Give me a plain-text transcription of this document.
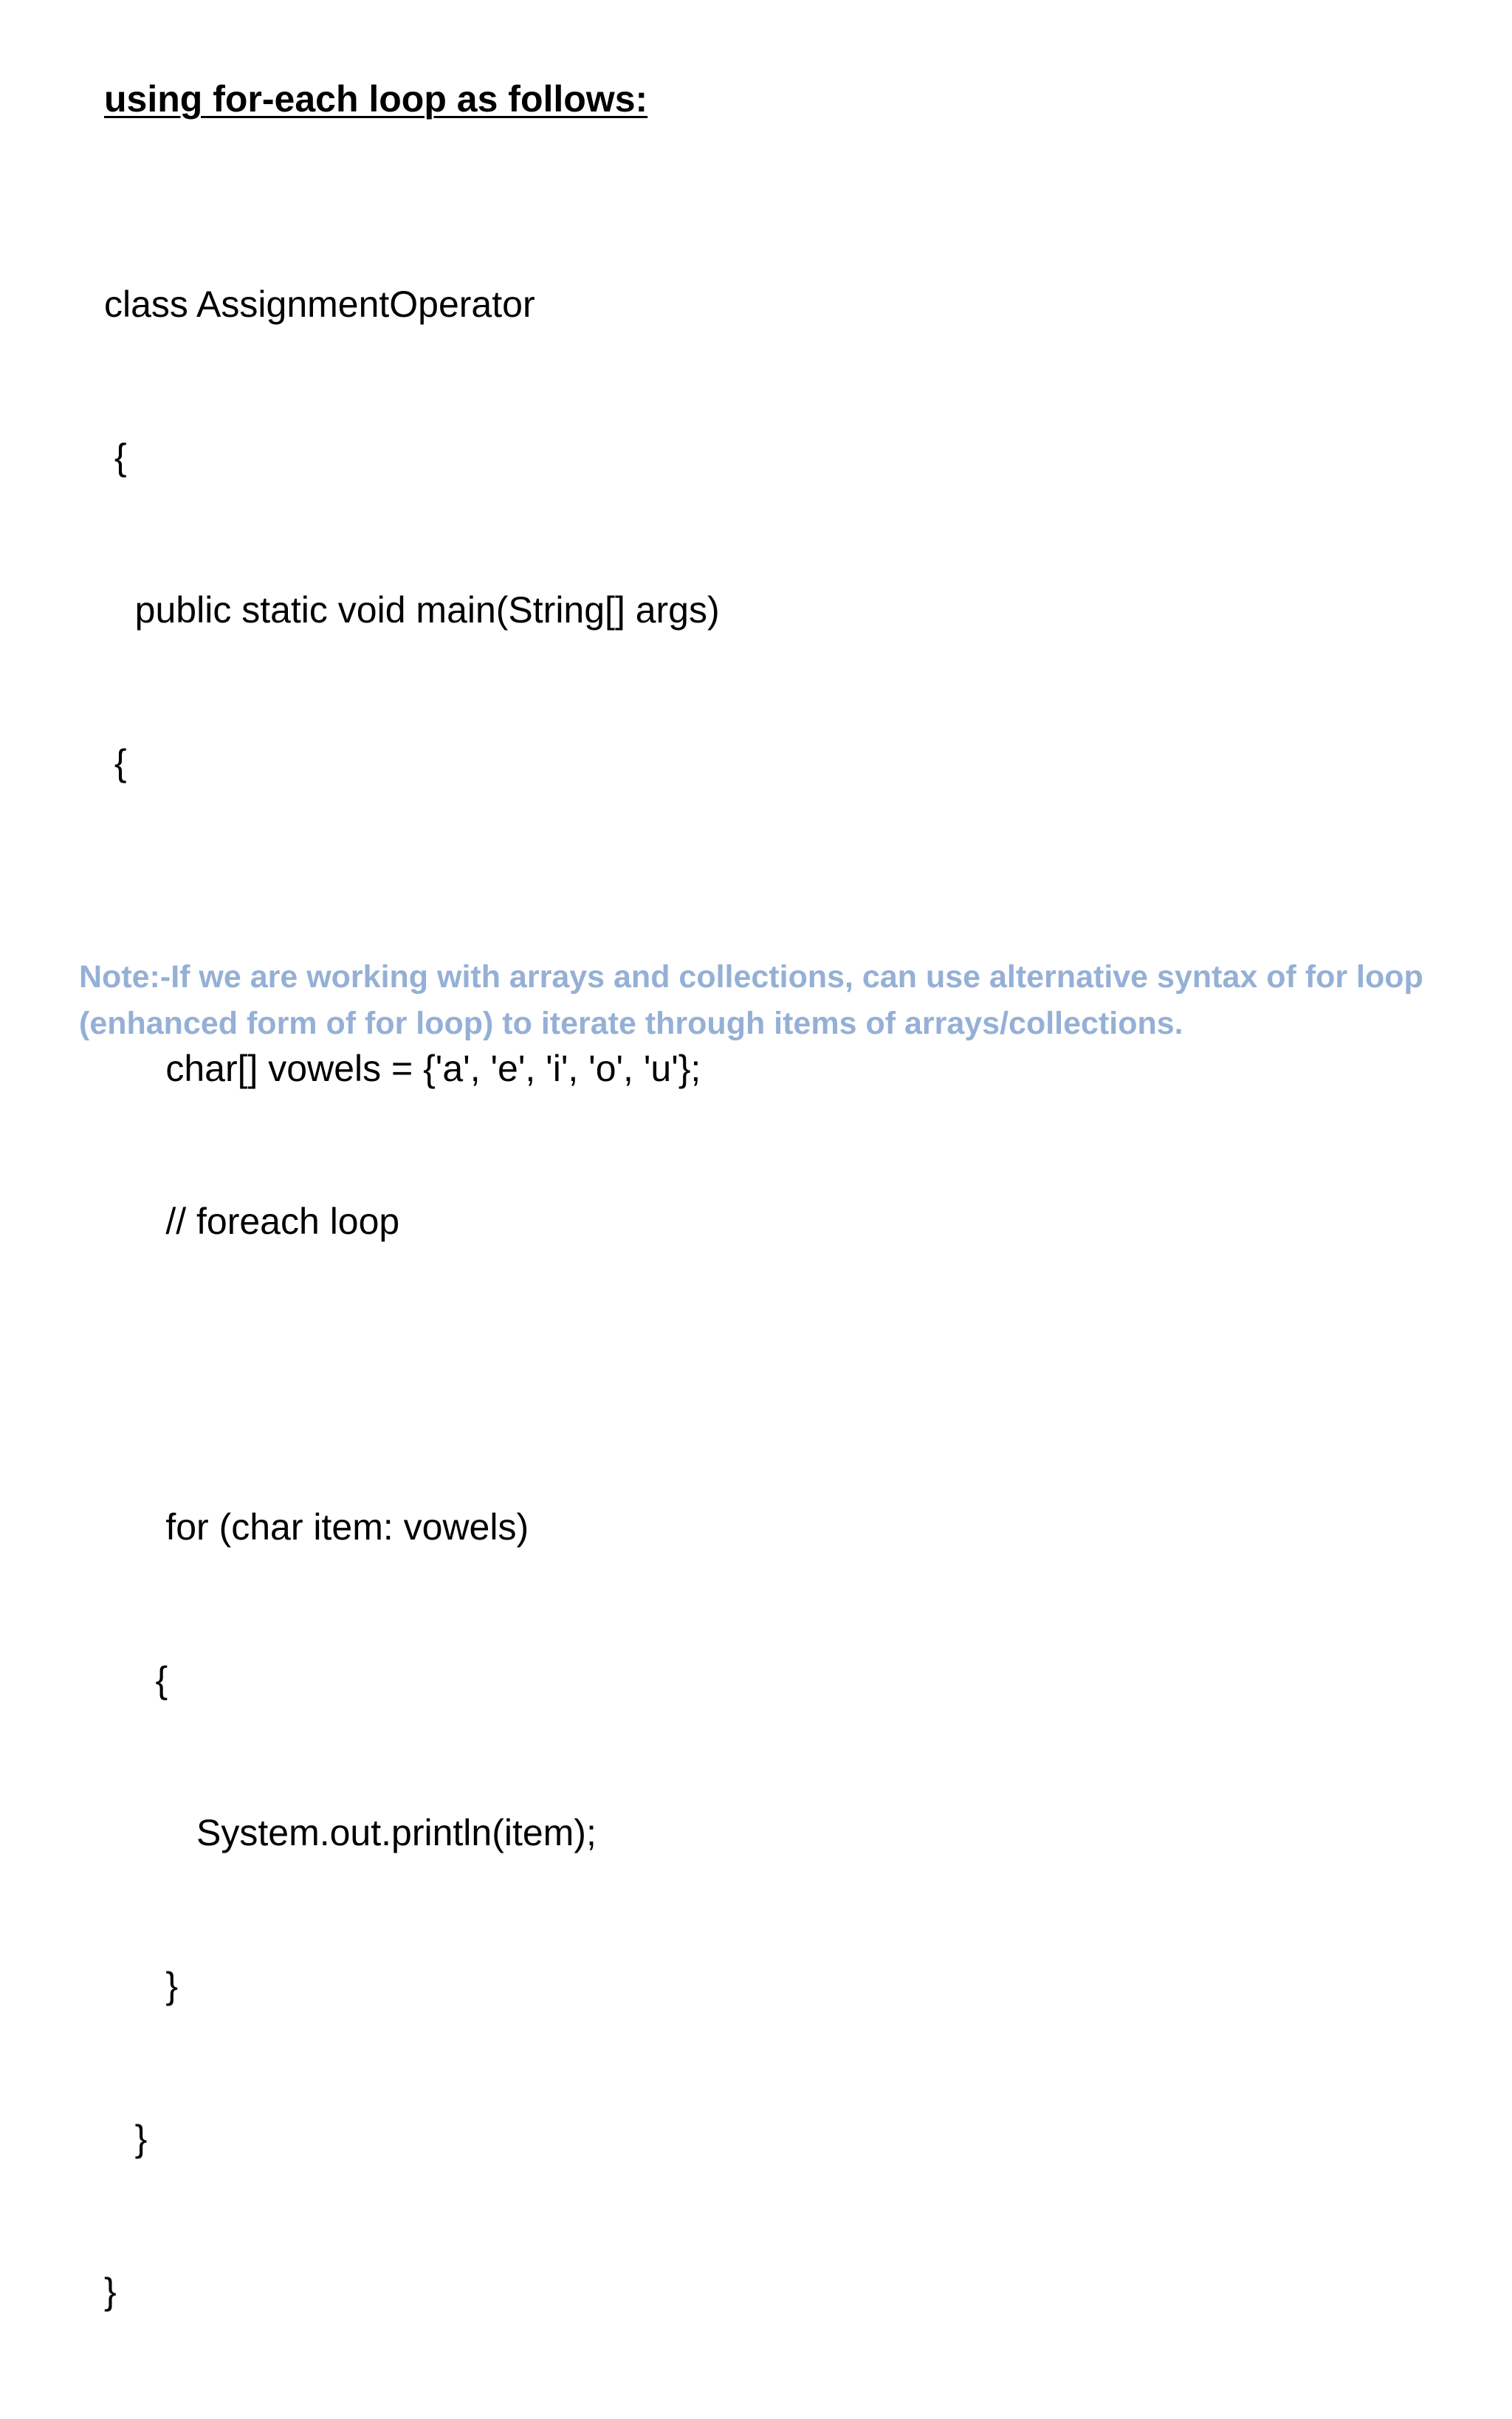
using for-each loop as follows:

class AssignmentOperator

{

public static void main(String[] args)

{

char[] vowels = {'a', 'e', 'i', 'o', 'u'};

// foreach loop

for (char item: vowels)

{

System.out.println(item);

}

}

}

Note:-If we are working with arrays and collections, can use alternative syntax of for loop (enhanced form of for loop) to iterate through items of arrays/collections.
